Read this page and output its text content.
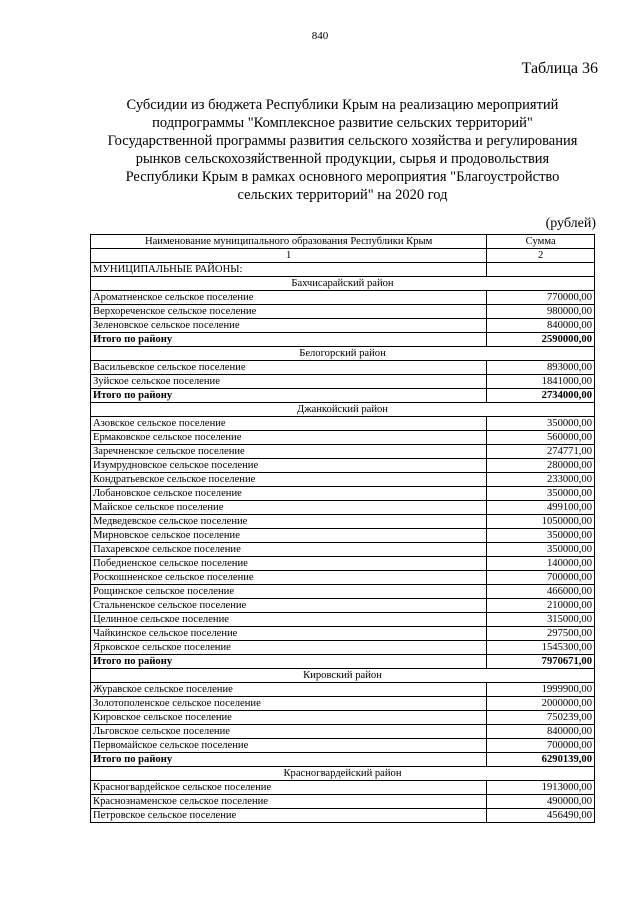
840
Таблица 36
Субсидии из бюджета Республики Крым на реализацию мероприятий
подпрограммы "Комплексное развитие сельских территорий"
Государственной программы развития сельского хозяйства и регулирования
рынков сельскохозяйственной продукции, сырья и продовольствия
Республики Крым в рамках основного мероприятия "Благоустройство
сельских территорий" на 2020 год
(рублей)
Наименование муниципального образования Республики Крым	Сумма
1	2
МУНИЦИПАЛЬНЫЕ РАЙОНЫ:	
Бахчисарайский район	
Ароматненское сельское поселение	770000,00
Верхореченское сельское поселение	980000,00
Зеленовское сельское поселение	840000,00
Итого по району	2590000,00
Белогорский район	
Васильевское сельское поселение	893000,00
Зуйское сельское поселение	1841000,00
Итого по району	2734000,00
Джанкойский район	
Азовское сельское поселение	350000,00
Ермаковское сельское поселение	560000,00
Заречненское сельское поселение	274771,00
Изумрудновское сельское поселение	280000,00
Кондратьевское сельское поселение	233000,00
Лобановское сельское поселение	350000,00
Майское сельское поселение	499100,00
Медведевское сельское поселение	1050000,00
Мирновское сельское поселение	350000,00
Пахаревское сельское поселение	350000,00
Победненское сельское поселение	140000,00
Роскошненское сельское поселение	700000,00
Рощинское сельское поселение	466000,00
Стальненское сельское поселение	210000,00
Целинное сельское поселение	315000,00
Чайкинское сельское поселение	297500,00
Ярковское сельское поселение	1545300,00
Итого по району	7970671,00
Кировский район	
Журавское сельское поселение	1999900,00
Золотополенское сельское поселение	2000000,00
Кировское сельское поселение	750239,00
Льговское сельское поселение	840000,00
Первомайское сельское поселение	700000,00
Итого по району	6290139,00
Красногвардейский район	
Красногвардейское сельское поселение	1913000,00
Краснознаменское сельское поселение	490000,00
Петровское сельское поселение	456490,00
